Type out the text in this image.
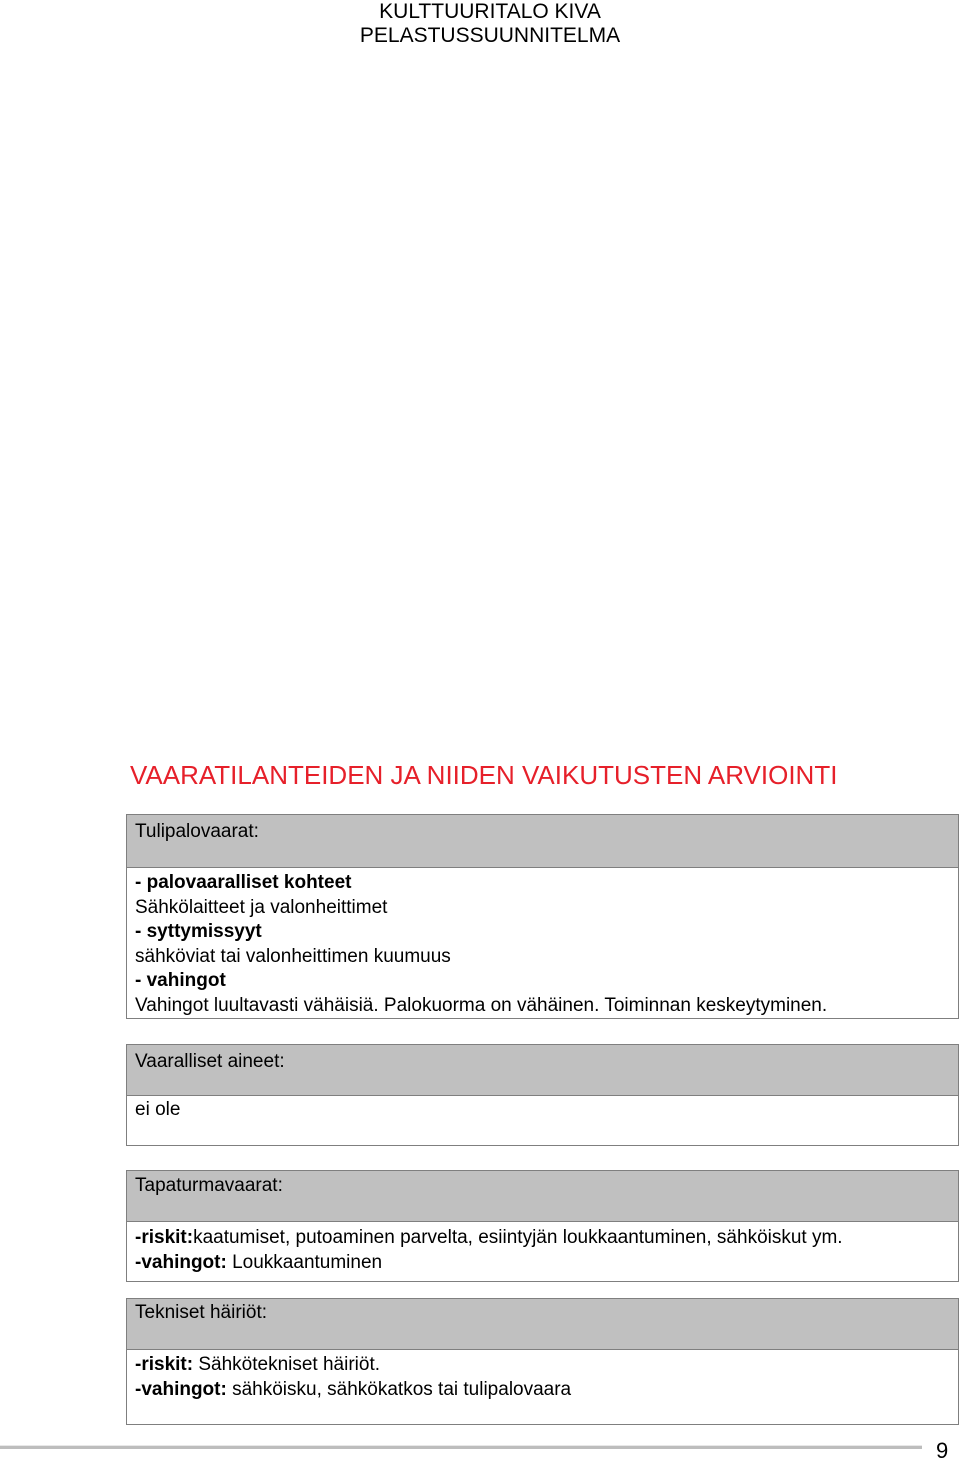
KULTTUURITALO KIVA
PELASTUSSUUNNITELMA
VAARATILANTEIDEN JA NIIDEN VAIKUTUSTEN ARVIOINTI
Tulipalovaarat:
- palovaaralliset kohteet
Sähkölaitteet ja valonheittimet
- syttymissyyt
sähköviat tai valonheittimen kuumuus
- vahingot
Vahingot luultavasti vähäisiä. Palokuorma on vähäinen. Toiminnan keskeytyminen.
Vaaralliset aineet:
ei ole
Tapaturmavaarat:
-riskit:kaatumiset, putoaminen parvelta, esiintyjän loukkaantuminen, sähköiskut ym.
-vahingot: Loukkaantuminen
Tekniset häiriöt:
-riskit: Sähkötekniset häiriöt.
-vahingot: sähköisku, sähkökatkos tai tulipalovaara
9
